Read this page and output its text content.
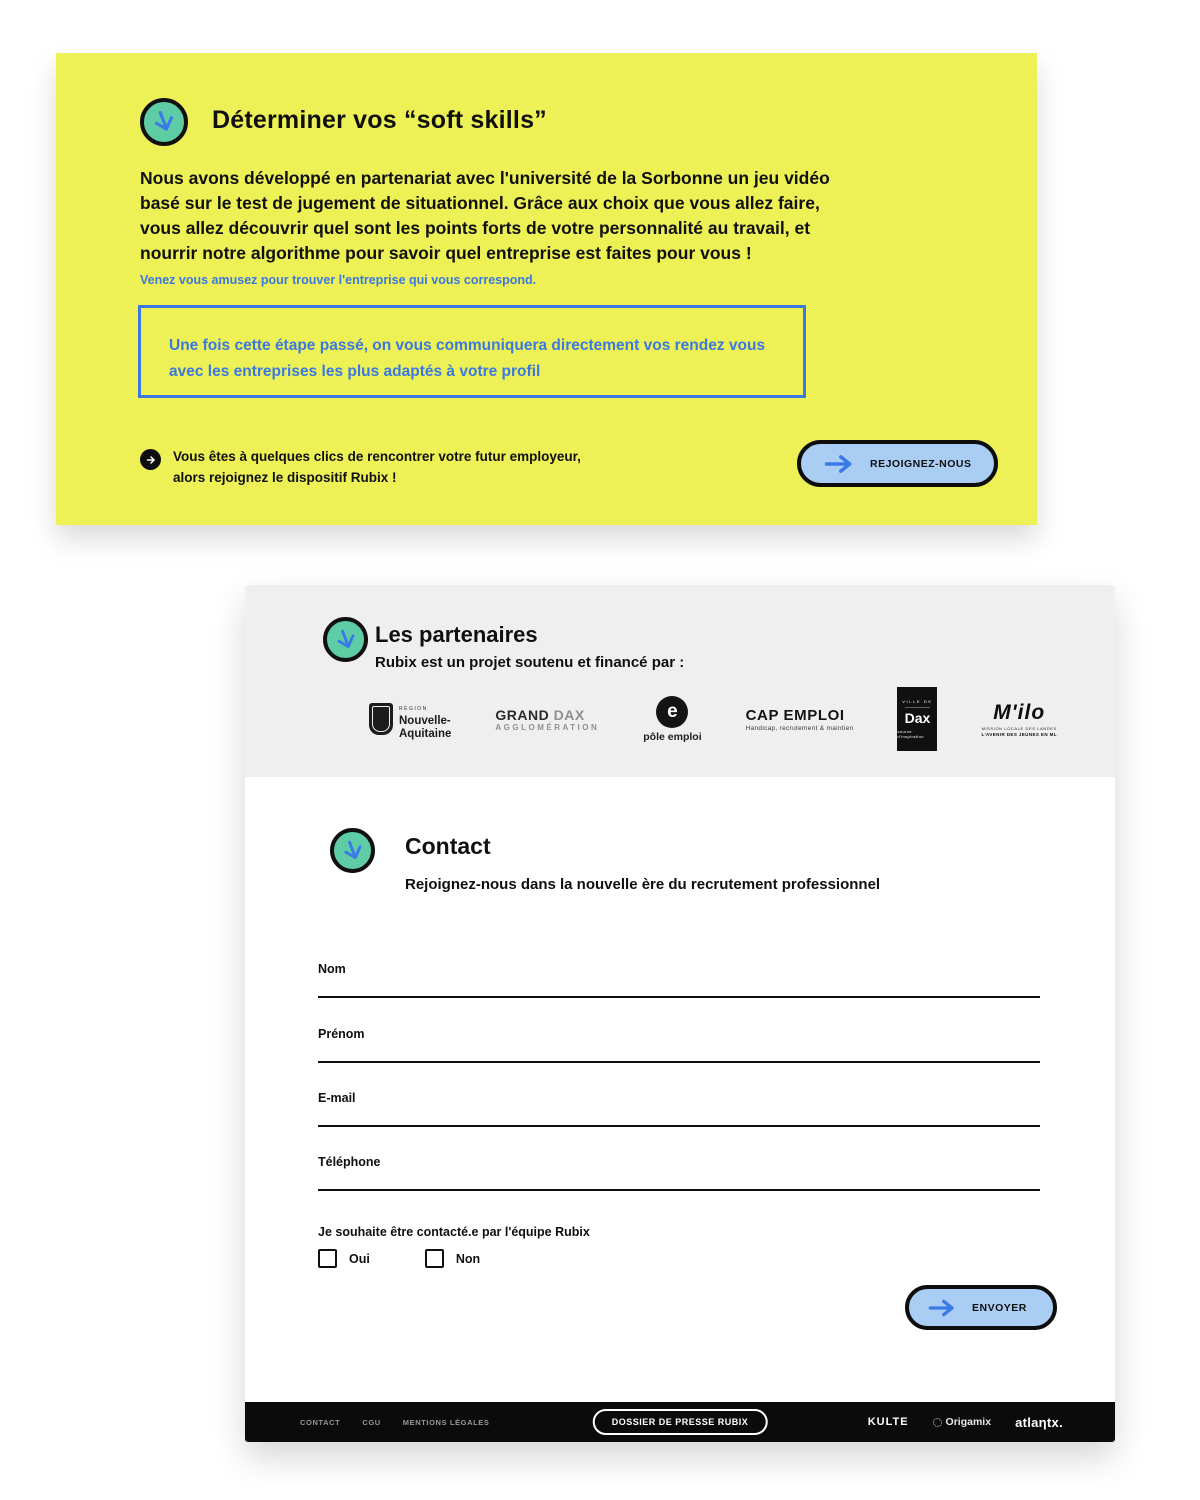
Déterminer vos “soft skills”

Nous avons développé en partenariat avec l'université de la Sorbonne un jeu vidéo basé sur le test de jugement de situationnel. Grâce aux choix que vous allez faire, vous allez découvrir quel sont les points forts de votre personnalité au travail, et nourrir notre algorithme pour savoir quel entreprise est faites pour vous !

Venez vous amusez pour trouver l'entreprise qui vous correspond.

Une fois cette étape passé, on vous communiquera directement vos rendez vous avec les entreprises les plus adaptés à votre profil

Vous êtes à quelques clics de rencontrer votre futur employeur,
alors rejoignez le dispositif Rubix !
REJOIGNEZ-NOUS
Les partenaires

Rubix est un projet soutenu et financé par :

RÉGION
Nouvelle-
Aquitaine
GRAND DAX
AGGLOMÉRATION
e
pôle emploi
CAP EMPLOI
Handicap, recrutement & maintien
VILLE DE
Dax
source d'inspiration
M'ilo
MISSION LOCALE DES LANDES
L'AVENIR DES JEUNES EN ML
Contact

Rejoignez-nous dans la nouvelle ère du recrutement professionnel

Nom
Prénom
E-mail
Téléphone

Je souhaite être contacté.e par l'équipe Rubix

Oui	Non
ENVOYER
CONTACT	CGU	MENTIONS LÉGALES	DOSSIER DE PRESSE RUBIX	KULTE	Origamix atlaηtx.
